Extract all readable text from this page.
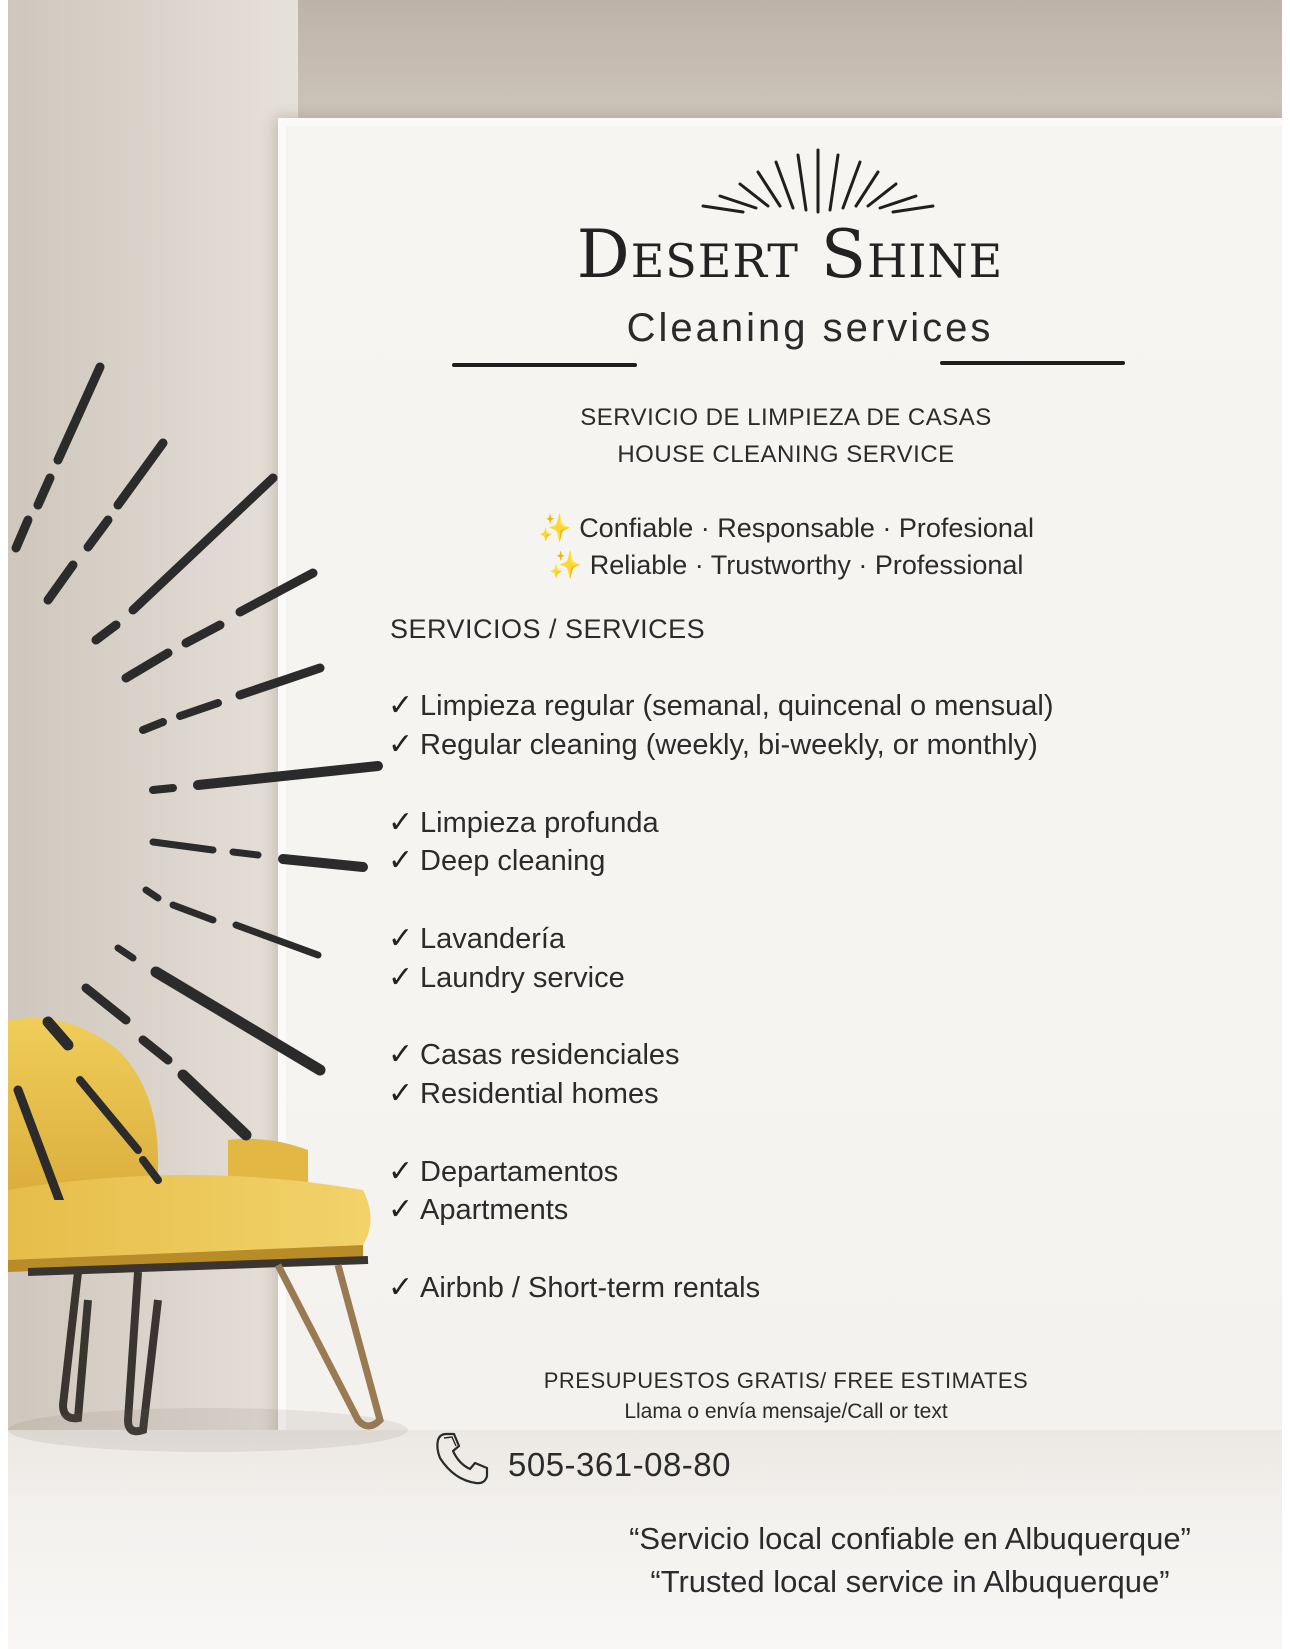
Desert Shine
Cleaning services
SERVICIO DE LIMPIEZA DE CASAS
HOUSE CLEANING SERVICE
✨ Confiable · Responsable · Profesional
✨ Reliable · Trustworthy · Professional
SERVICIOS / SERVICES
✓ Limpieza regular (semanal, quincenal o mensual)
✓ Regular cleaning (weekly, bi-weekly, or monthly)
✓ Limpieza profunda
✓ Deep cleaning
✓ Lavandería
✓ Laundry service
✓ Casas residenciales
✓ Residential homes
✓ Departamentos
✓ Apartments
✓ Airbnb / Short-term rentals
PRESUPUESTOS GRATIS/ FREE ESTIMATES
Llama o envía mensaje/Call or text
505-361-08-80
“Servicio local confiable en Albuquerque”
“Trusted local service in Albuquerque”
